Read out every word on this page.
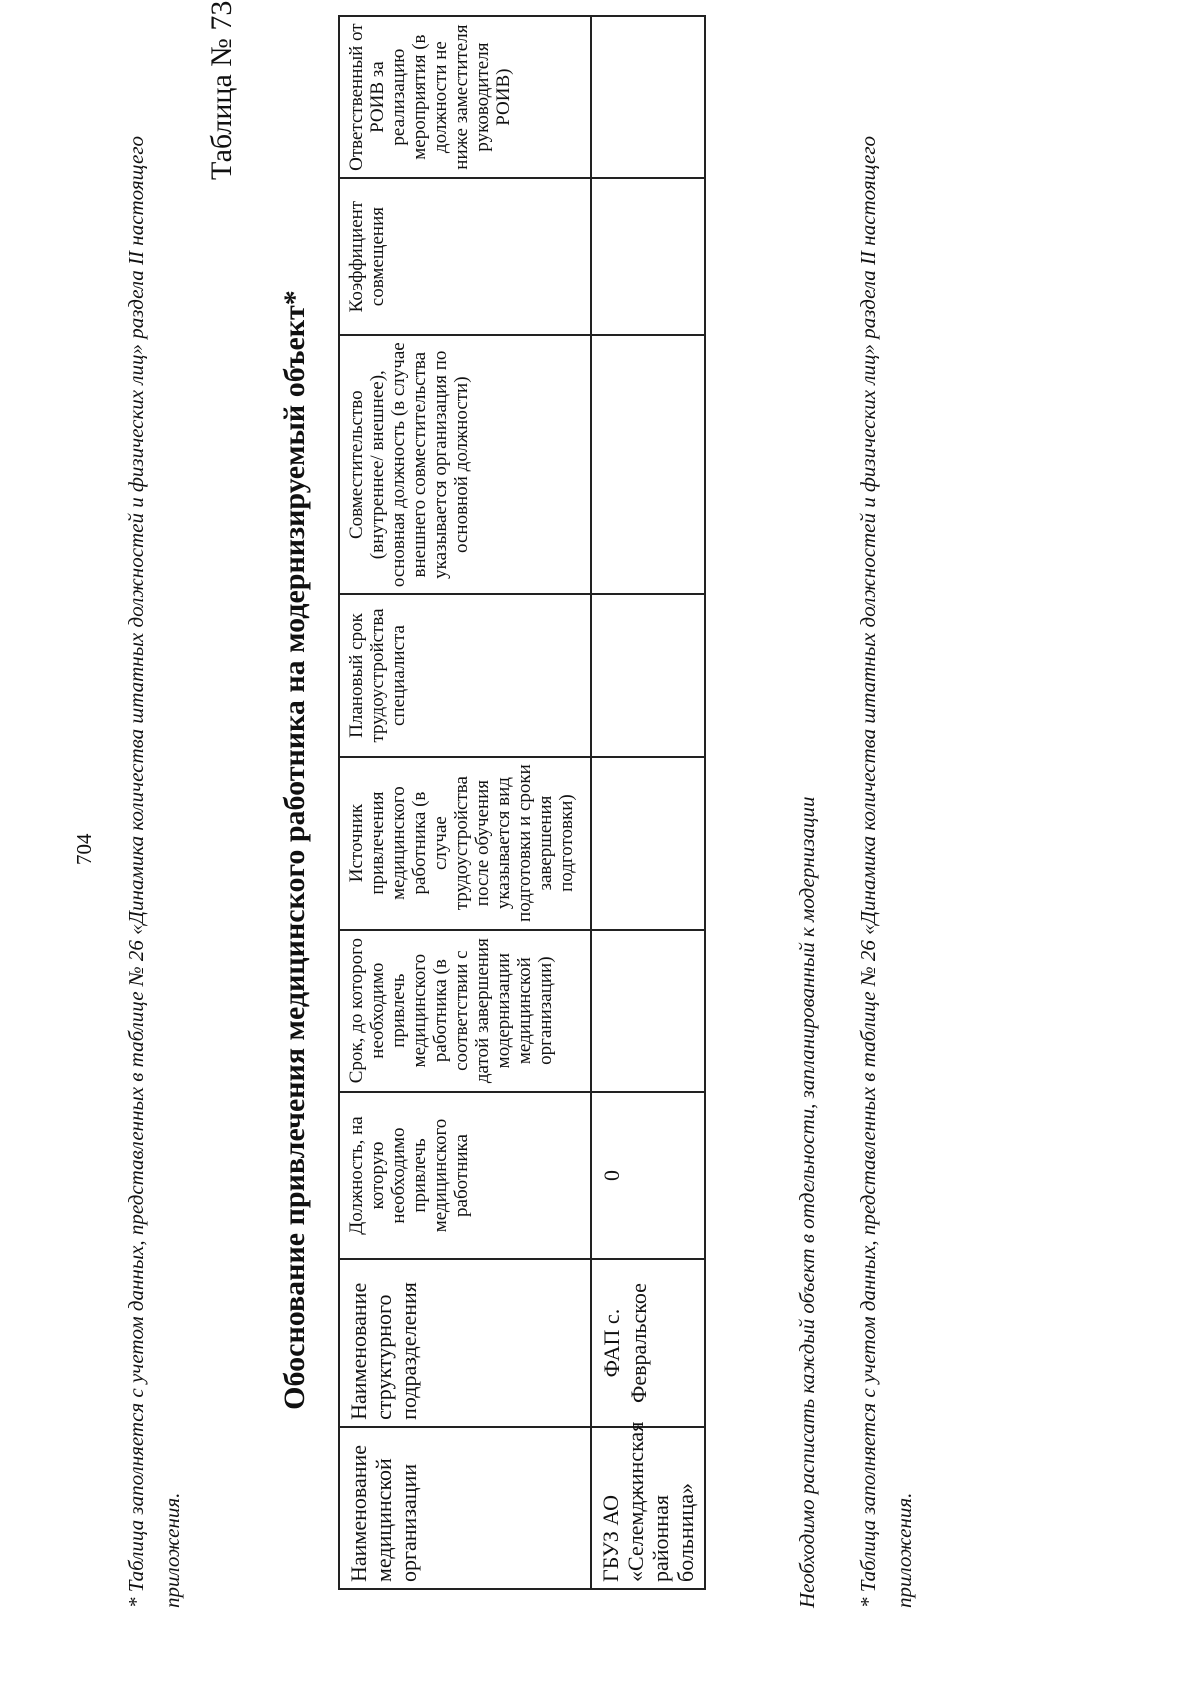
704 * Таблица заполняется с учетом данных, представленных в таблице № 26 «Динамика количества штатных должностей и физических лиц» раздела II настоящего приложения.
Таблица № 73
Обоснование привлечения медицинского работника на модернизируемый объект*
Наименование медицинской организации	Наименование структурного подразделения	Должность, на которую необходимо привлечь медицинского работника	Срок, до которого необходимо привлечь медицинского работника (в соответствии с датой завершения модернизации медицинской организации)	Источник привлечения медицинского работника (в случае трудоустройства после обучения указывается вид подготовки и сроки завершения подготовки)	Плановый срок трудоустройства специалиста	Совместительство (внутреннее/ внешнее), основная должность (в случае внешнего совместительства указывается организация по основной должности)	Коэффициент совмещения	Ответственный от РОИВ за реализацию мероприятия (в должности не ниже заместителя руководителя РОИВ)
ГБУЗ АО «Селемджинская районная больница»	ФАП с. Февральское	0							Необходимо расписать каждый объект в отдельности, запланированный к модернизации * Таблица заполняется с учетом данных, представленных в таблице № 26 «Динамика количества штатных должностей и физических лиц» раздела II настоящего приложения.
